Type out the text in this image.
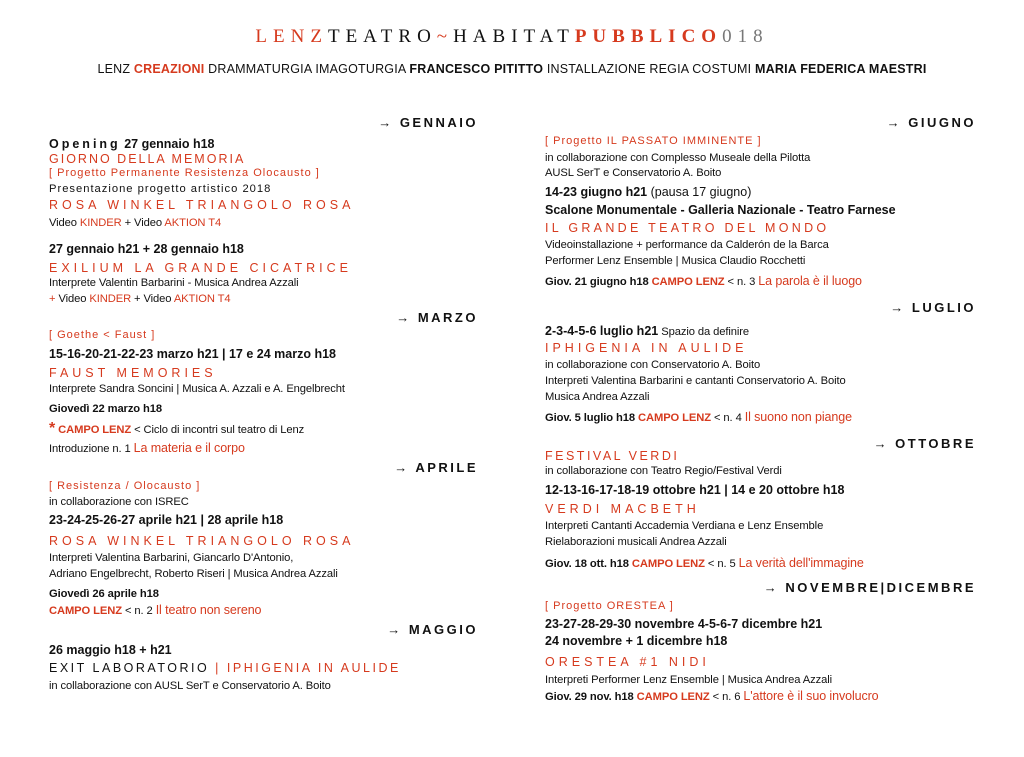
LENZTEATRO~HABITATPUBBLICO018
LENZ CREAZIONI DRAMMATURGIA IMAGOTURGIA FRANCESCO PITITTO INSTALLAZIONE REGIA COSTUMI MARIA FEDERICA MAESTRI
→ GENNAIO
Opening 27 gennaio h18
GIORNO DELLA MEMORIA
[ Progetto Permanente Resistenza Olocausto ]
Presentazione progetto artistico 2018
ROSA WINKEL TRIANGOLO ROSA
Video KINDER + Video AKTION T4
27 gennaio h21 + 28 gennaio h18
EXILIUM LA GRANDE CICATRICE
Interprete Valentin Barbarini - Musica Andrea Azzali
+ Video KINDER + Video AKTION T4
→ MARZO
[ Goethe < Faust ]
15-16-20-21-22-23 marzo h21 | 17 e 24 marzo h18
FAUST MEMORIES
Interprete Sandra Soncini | Musica A. Azzali e A. Engelbrecht
Giovedì 22 marzo h18
* CAMPO LENZ < Ciclo di incontri sul teatro di Lenz
Introduzione n. 1 La materia e il corpo
→ APRILE
[ Resistenza / Olocausto ]
in collaborazione con ISREC
23-24-25-26-27 aprile h21 | 28 aprile h18
ROSA WINKEL TRIANGOLO ROSA
Interpreti Valentina Barbarini, Giancarlo D'Antonio,
Adriano Engelbrecht, Roberto Riseri | Musica Andrea Azzali
Giovedì 26 aprile h18
CAMPO LENZ < n. 2 Il teatro non sereno
→ MAGGIO
26 maggio h18 + h21
EXIT LABORATORIO | IPHIGENIA IN AULIDE
in collaborazione con AUSL SerT e Conservatorio A. Boito
→ GIUGNO
[ Progetto IL PASSATO IMMINENTE ]
in collaborazione con Complesso Museale della Pilotta
AUSL SerT e Conservatorio A. Boito
14-23 giugno h21 (pausa 17 giugno)
Scalone Monumentale - Galleria Nazionale - Teatro Farnese
IL GRANDE TEATRO DEL MONDO
Videoinstallazione + performance da Calderón de la Barca
Performer Lenz Ensemble | Musica Claudio Rocchetti
Giov. 21 giugno h18 CAMPO LENZ < n. 3 La parola è il luogo
→ LUGLIO
2-3-4-5-6 luglio h21 Spazio da definire
IPHIGENIA IN AULIDE
in collaborazione con Conservatorio A. Boito
Interpreti Valentina Barbarini e cantanti Conservatorio A. Boito
Musica Andrea Azzali
Giov. 5 luglio h18 CAMPO LENZ < n. 4 Il suono non piange
→ OTTOBRE
FESTIVAL VERDI
in collaborazione con Teatro Regio/Festival Verdi
12-13-16-17-18-19 ottobre h21 | 14 e 20 ottobre h18
VERDI MACBETH
Interpreti Cantanti Accademia Verdiana e Lenz Ensemble
Rielaborazioni musicali Andrea Azzali
Giov. 18 ott. h18 CAMPO LENZ < n. 5 La verità dell'immagine
→ NOVEMBRE|DICEMBRE
[ Progetto ORESTEA ]
23-27-28-29-30 novembre 4-5-6-7 dicembre h21
24 novembre + 1 dicembre h18
ORESTEA #1 NIDI
Interpreti Performer Lenz Ensemble | Musica Andrea Azzali
Giov. 29 nov. h18 CAMPO LENZ < n. 6 L'attore è il suo involucro
